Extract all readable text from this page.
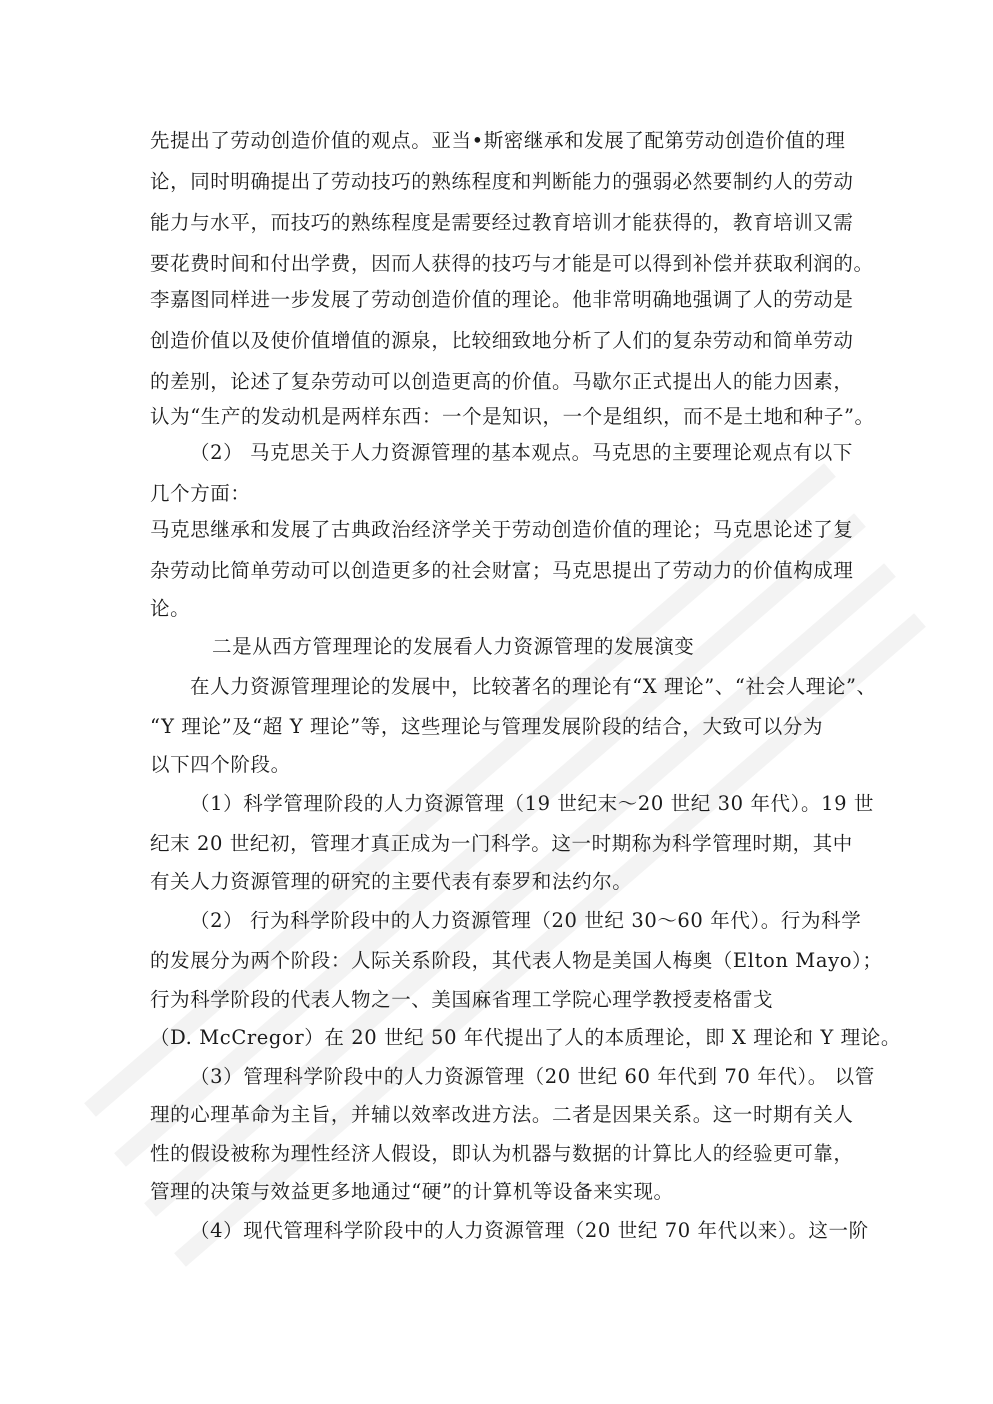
先提出了劳动创造价值的观点。亚当•斯密继承和发展了配第劳动创造价值的理
论，同时明确提出了劳动技巧的熟练程度和判断能力的强弱必然要制约人的劳动
能力与水平，而技巧的熟练程度是需要经过教育培训才能获得的，教育培训又需
要花费时间和付出学费，因而人获得的技巧与才能是可以得到补偿并获取利润的。
李嘉图同样进一步发展了劳动创造价值的理论。他非常明确地强调了人的劳动是
创造价值以及使价值增值的源泉，比较细致地分析了人们的复杂劳动和简单劳动
的差别，论述了复杂劳动可以创造更高的价值。马歇尔正式提出人的能力因素，
认为“生产的发动机是两样东西：一个是知识，一个是组织，而不是土地和种子”。
（2） 马克思关于人力资源管理的基本观点。马克思的主要理论观点有以下
几个方面：
马克思继承和发展了古典政治经济学关于劳动创造价值的理论；马克思论述了复
杂劳动比简单劳动可以创造更多的社会财富；马克思提出了劳动力的价值构成理
论。
二是从西方管理理论的发展看人力资源管理的发展演变
在人力资源管理理论的发展中，比较著名的理论有“X 理论”、“社会人理论”、
“Y 理论”及“超 Y 理论”等，这些理论与管理发展阶段的结合，大致可以分为
以下四个阶段。
（1）科学管理阶段的人力资源管理（19 世纪末～20 世纪 30 年代）。19 世
纪末 20 世纪初，管理才真正成为一门科学。这一时期称为科学管理时期，其中
有关人力资源管理的研究的主要代表有泰罗和法约尔。
（2） 行为科学阶段中的人力资源管理（20 世纪 30～60 年代）。行为科学
的发展分为两个阶段：人际关系阶段，其代表人物是美国人梅奥（Elton Mayo）；
行为科学阶段的代表人物之一、美国麻省理工学院心理学教授麦格雷戈
（D. McCregor）在 20 世纪 50 年代提出了人的本质理论，即 X 理论和 Y 理论。
（3）管理科学阶段中的人力资源管理（20 世纪 60 年代到 70 年代）。 以管
理的心理革命为主旨，并辅以效率改进方法。二者是因果关系。这一时期有关人
性的假设被称为理性经济人假设，即认为机器与数据的计算比人的经验更可靠，
管理的决策与效益更多地通过“硬”的计算机等设备来实现。
（4）现代管理科学阶段中的人力资源管理（20 世纪 70 年代以来）。这一阶
